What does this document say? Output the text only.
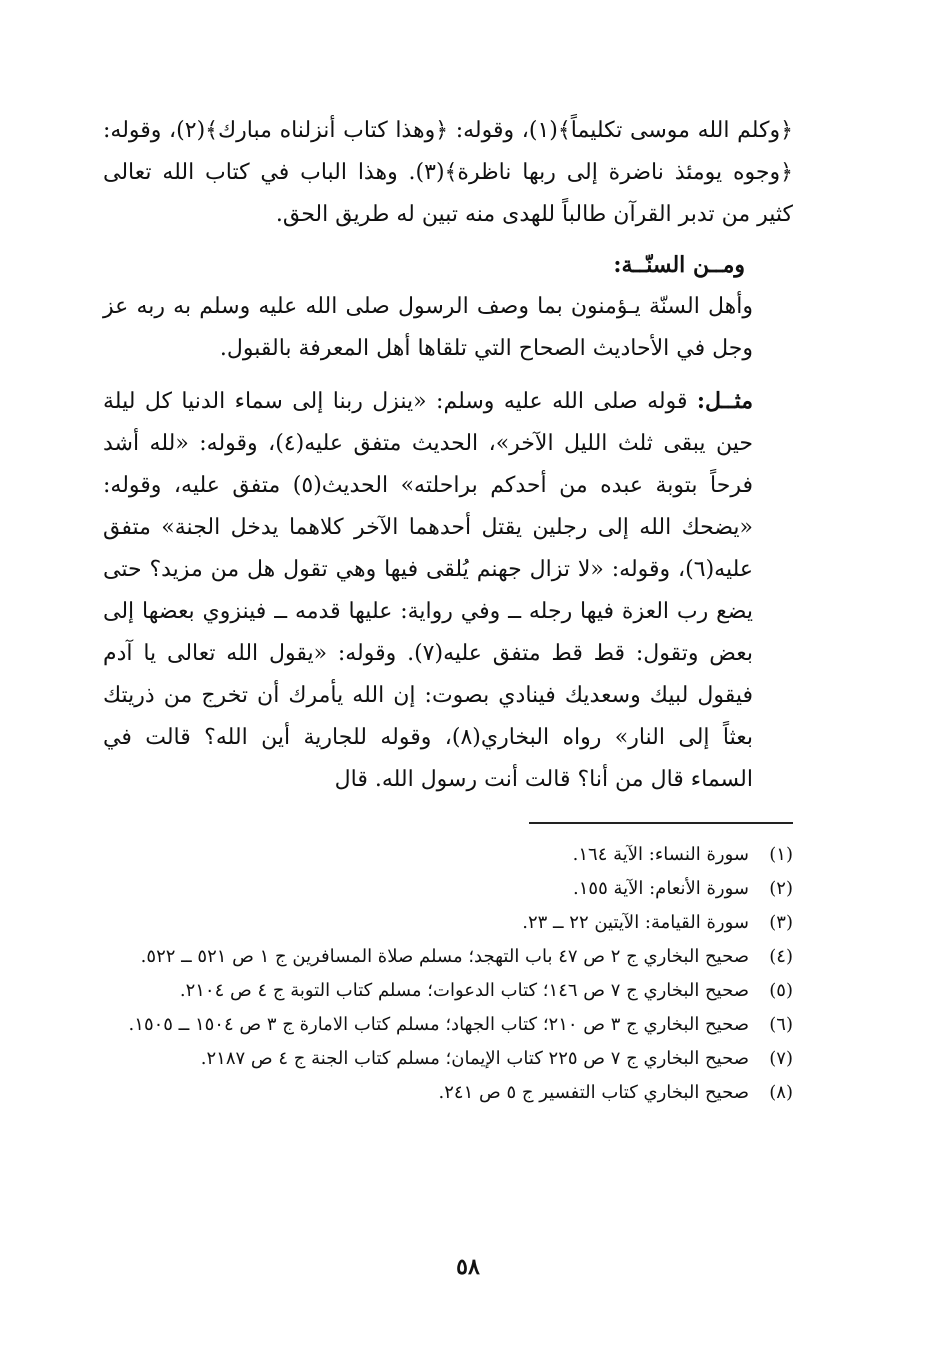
﴿وكلم الله موسى تكليماً﴾(١)، وقوله: ﴿وهذا كتاب أنزلناه مبارك﴾(٢)، وقوله: ﴿وجوه يومئذ ناضرة إلى ربها ناظرة﴾(٣). وهذا الباب في كتاب الله تعالى كثير من تدبر القرآن طالباً للهدى منه تبين له طريق الحق.

ومــن السنّــة:

وأهل السنّة يـؤمنون بما وصف الرسول صلى الله عليه وسلم به ربه عز وجل في الأحاديث الصحاح التي تلقاها أهل المعرفة بالقبول.

مثــل: قوله صلى الله عليه وسلم: «ينزل ربنا إلى سماء الدنيا كل ليلة حين يبقى ثلث الليل الآخر»، الحديث متفق عليه(٤)، وقوله: «لله أشد فرحاً بتوبة عبده من أحدكم براحلته» الحديث(٥) متفق عليه، وقوله: «يضحك الله إلى رجلين يقتل أحدهما الآخر كلاهما يدخل الجنة» متفق عليه(٦)، وقوله: «لا تزال جهنم يُلقى فيها وهي تقول هل من مزيد؟ حتى يضع رب العزة فيها رجله ــ وفي رواية: عليها قدمه ــ فينزوي بعضها إلى بعض وتقول: قط قط متفق عليه(٧). وقوله: «يقول الله تعالى يا آدم فيقول لبيك وسعديك فينادي بصوت: إن الله يأمرك أن تخرج من ذريتك بعثاً إلى النار» رواه البخاري(٨)، وقوله للجارية أين الله؟ قالت في السماء قال من أنا؟ قالت أنت رسول الله. قال

(١)
سورة النساء: الآية ١٦٤.
(٢)
سورة الأنعام: الآية ١٥٥.
(٣)
سورة القيامة: الآيتين ٢٢ ــ ٢٣.
(٤)
صحيح البخاري ج ٢ ص ٤٧ باب التهجد؛ مسلم صلاة المسافرين ج ١ ص ٥٢١ ــ ٥٢٢.
(٥)
صحيح البخاري ج ٧ ص ١٤٦؛ كتاب الدعوات؛ مسلم كتاب التوبة ج ٤ ص ٢١٠٤.
(٦)
صحيح البخاري ج ٣ ص ٢١٠؛ كتاب الجهاد؛ مسلم كتاب الامارة ج ٣ ص ١٥٠٤ ــ ١٥٠٥.
(٧)
صحيح البخاري ج ٧ ص ٢٢٥ كتاب الإيمان؛ مسلم كتاب الجنة ج ٤ ص ٢١٨٧.
(٨)
صحيح البخاري كتاب التفسير ج ٥ ص ٢٤١.
٥٨
